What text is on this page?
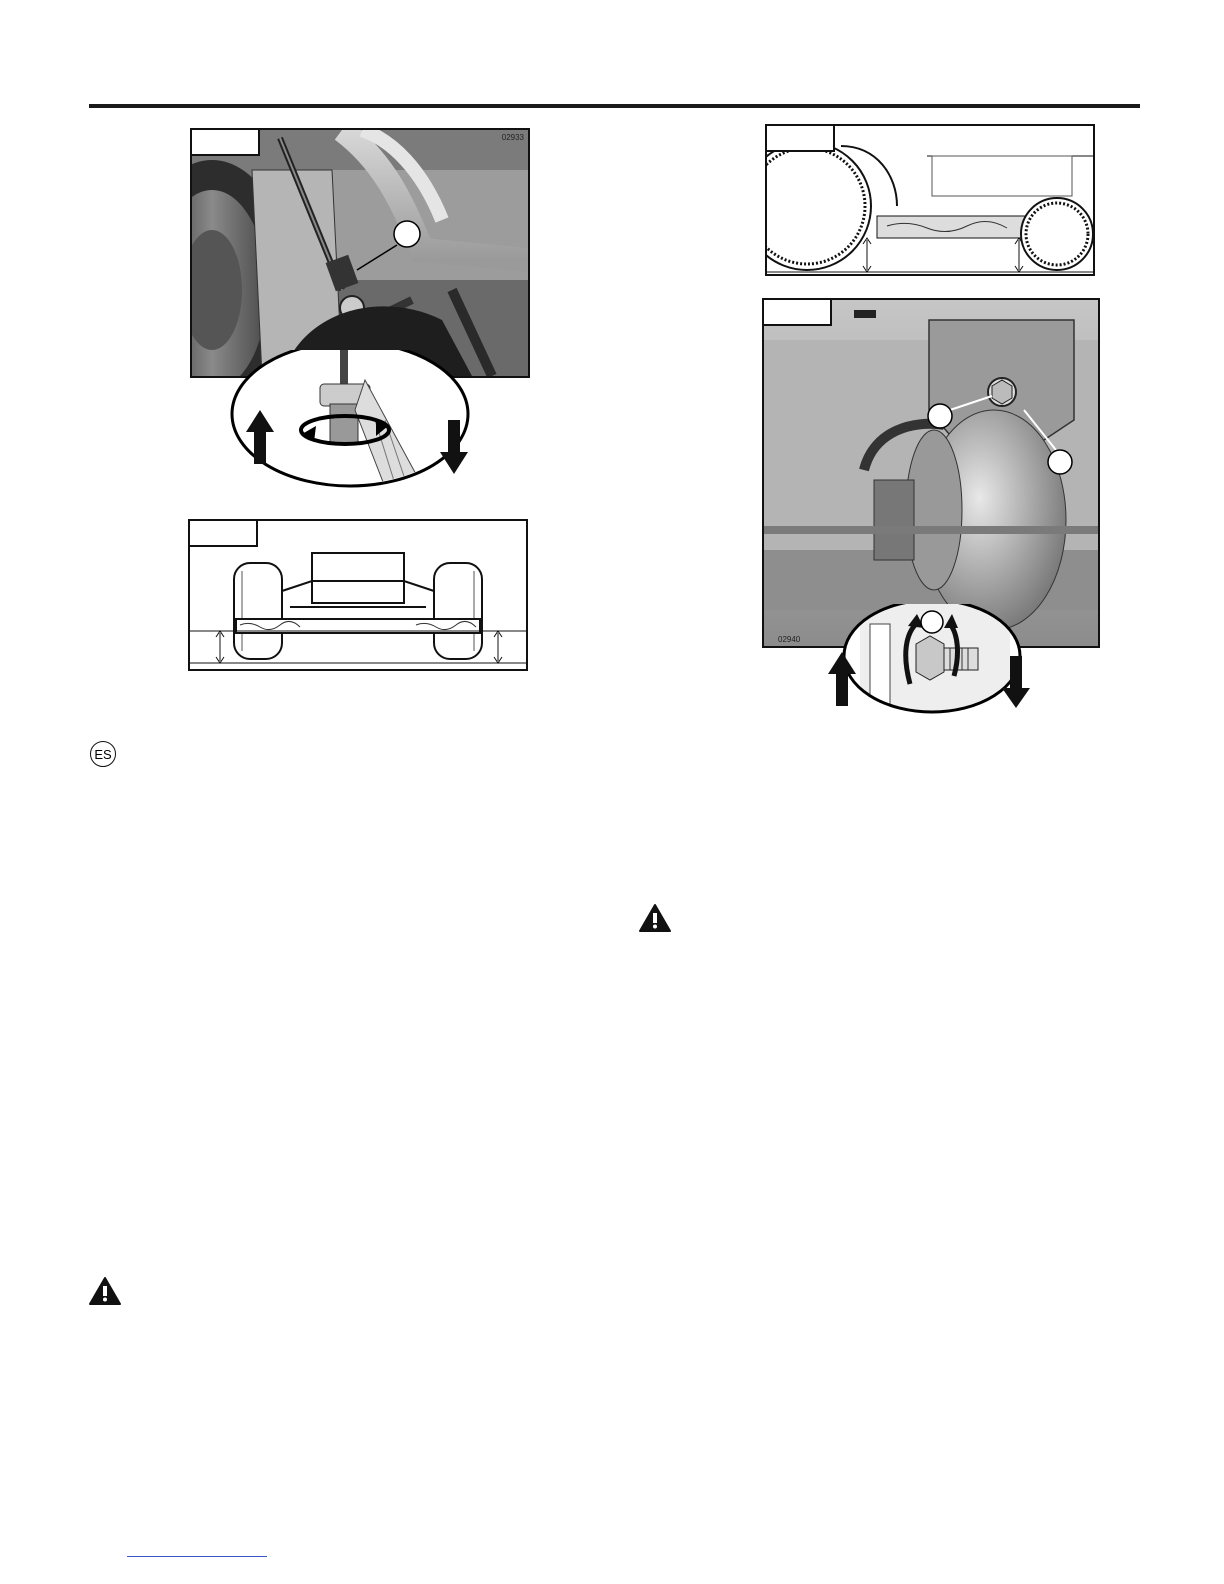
02933
02940
ES
